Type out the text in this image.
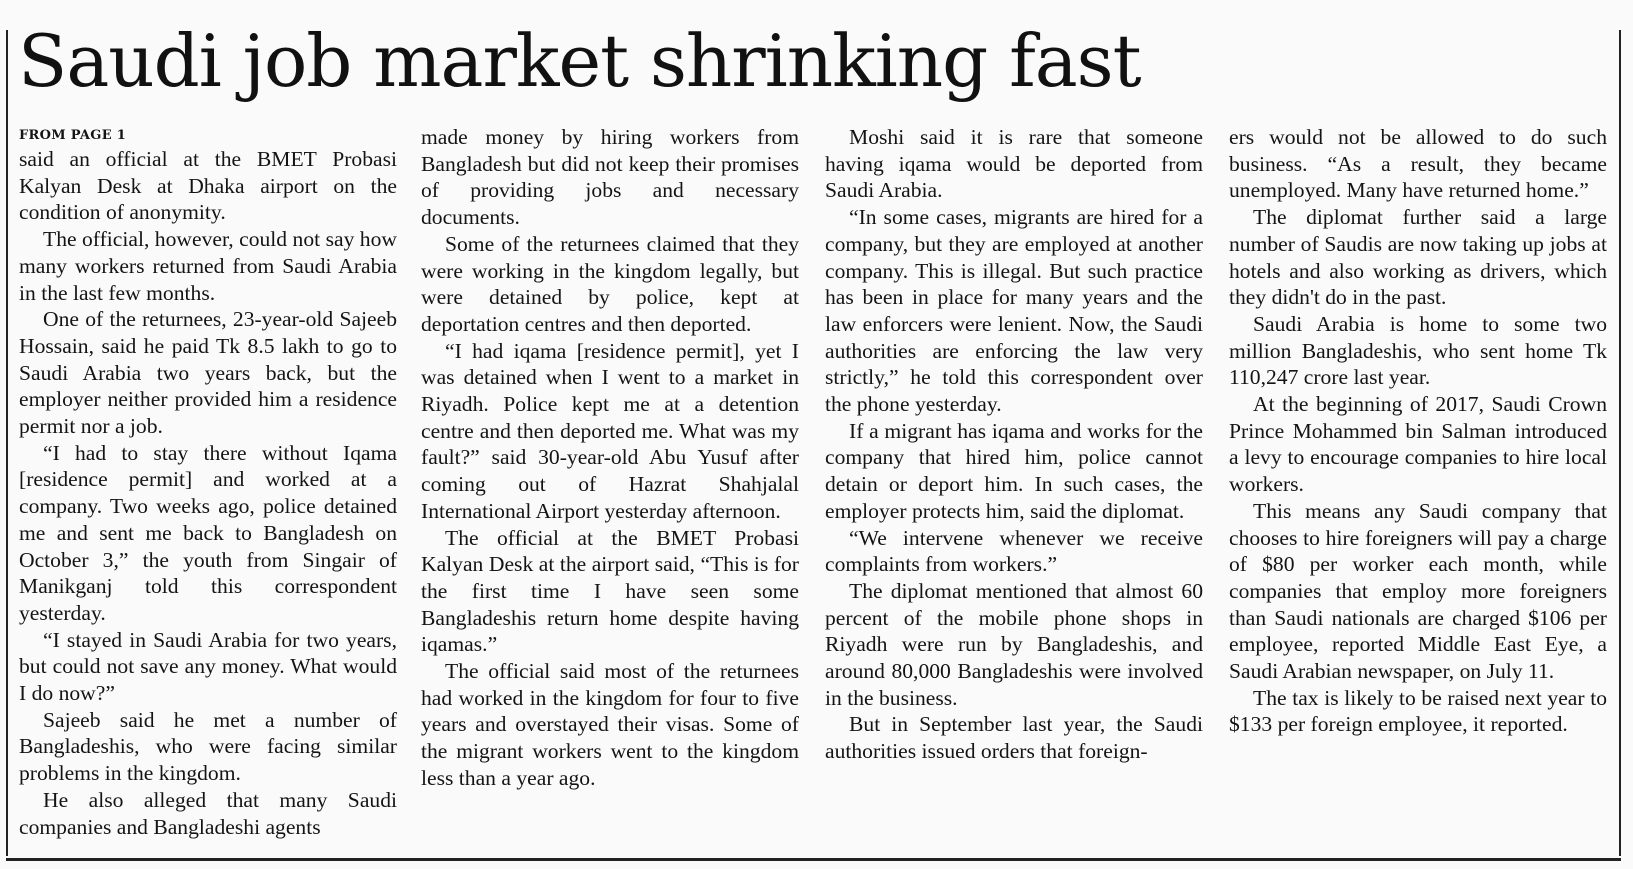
Saudi job market shrinking fast
FROM PAGE 1

said an official at the BMET Probasi Kalyan Desk at Dhaka airport on the condition of anonymity.

The official, however, could not say how many workers returned from Saudi Arabia in the last few months.

One of the returnees, 23-year-old Sajeeb Hossain, said he paid Tk 8.5 lakh to go to Saudi Arabia two years back, but the employer neither provided him a residence permit nor a job.

“I had to stay there without Iqama [residence permit] and worked at a company. Two weeks ago, police detained me and sent me back to Bangladesh on October 3,” the youth from Singair of Manikganj told this correspondent yesterday.

“I stayed in Saudi Arabia for two years, but could not save any money. What would I do now?”

Sajeeb said he met a number of Bangladeshis, who were facing similar problems in the kingdom.

He also alleged that many Saudi companies and Bangladeshi agents

made money by hiring workers from Bangladesh but did not keep their promises of providing jobs and necessary documents.

Some of the returnees claimed that they were working in the kingdom legally, but were detained by police, kept at deportation centres and then deported.

“I had iqama [residence permit], yet I was detained when I went to a market in Riyadh. Police kept me at a detention centre and then deported me. What was my fault?” said 30-year-old Abu Yusuf after coming out of Hazrat Shahjalal International Airport yesterday afternoon.

The official at the BMET Probasi Kalyan Desk at the airport said, “This is for the first time I have seen some Bangladeshis return home despite having iqamas.”

The official said most of the returnees had worked in the kingdom for four to five years and overstayed their visas. Some of the migrant workers went to the kingdom less than a year ago.

Moshi said it is rare that someone having iqama would be deported from Saudi Arabia.

“In some cases, migrants are hired for a company, but they are employed at another company. This is illegal. But such practice has been in place for many years and the law enforcers were lenient. Now, the Saudi authorities are enforcing the law very strictly,” he told this correspondent over the phone yesterday.

If a migrant has iqama and works for the company that hired him, police cannot detain or deport him. In such cases, the employer protects him, said the diplomat.

“We intervene whenever we receive complaints from workers.”

The diplomat mentioned that almost 60 percent of the mobile phone shops in Riyadh were run by Bangladeshis, and around 80,000 Bangladeshis were involved in the business.

But in September last year, the Saudi authorities issued orders that foreign-

ers would not be allowed to do such business. “As a result, they became unemployed. Many have returned home.”

The diplomat further said a large number of Saudis are now taking up jobs at hotels and also working as drivers, which they didn't do in the past.

Saudi Arabia is home to some two million Bangladeshis, who sent home Tk 110,247 crore last year.

At the beginning of 2017, Saudi Crown Prince Mohammed bin Salman introduced a levy to encourage companies to hire local workers.

This means any Saudi company that chooses to hire foreigners will pay a charge of $80 per worker each month, while companies that employ more foreigners than Saudi nationals are charged $106 per employee, reported Middle East Eye, a Saudi Arabian newspaper, on July 11.

The tax is likely to be raised next year to $133 per foreign employee, it reported.
